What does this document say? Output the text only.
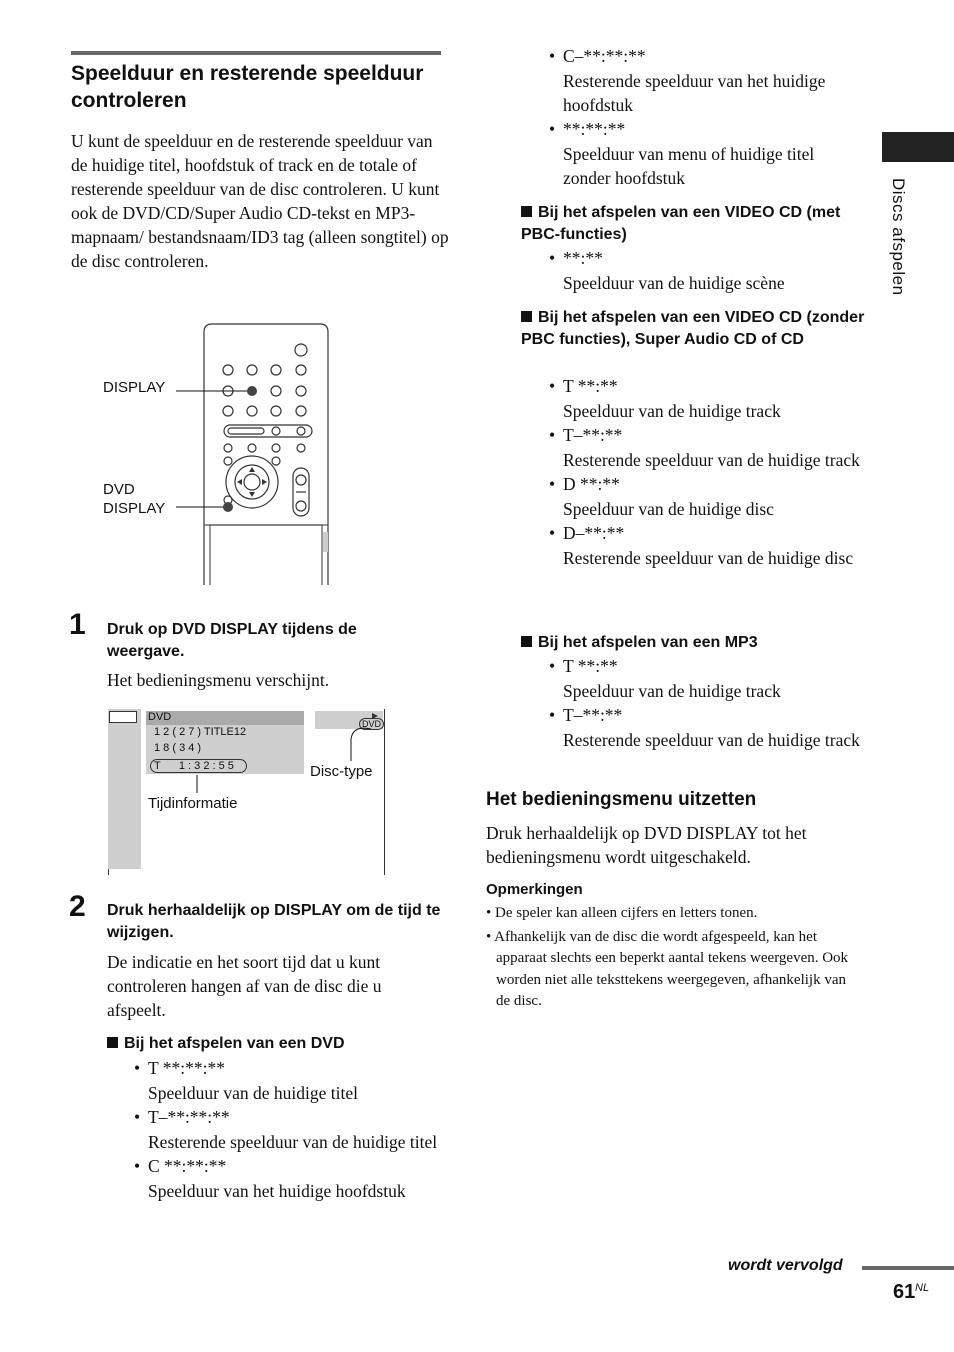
Speelduur en resterende speelduur controleren

U kunt de speelduur en de resterende speelduur van de huidige titel, hoofdstuk of track en de totale of resterende speelduur van de disc controleren. U kunt ook de DVD/CD/Super Audio CD-tekst en MP3-mapnaam/ bestandsnaam/ID3 tag (alleen songtitel) op de disc controleren.

DISPLAY
DVD
DISPLAY
1 Druk op DVD DISPLAY tijdens de weergave.

Het bedieningsmenu verschijnt.

DVD
1 2 ( 2 7 ) TITLE12
1 8 ( 3 4 )
T      1 : 3 2 : 5 5
DVD
Tijdinformatie
Disc-type
2 Druk herhaaldelijk op DISPLAY om de tijd te wijzigen.

De indicatie en het soort tijd dat u kunt controleren hangen af van de disc die u afspeelt.

Bij het afspelen van een DVD

• T **:**:**
Speelduur van de huidige titel
• T–**:**:**
Resterende speelduur van de huidige titel
• C **:**:**
Speelduur van het huidige hoofdstuk
• C–**:**:**
Resterende speelduur van het huidige hoofdstuk
• **:**:**
Speelduur van menu of huidige titel zonder hoofdstuk

Bij het afspelen van een VIDEO CD (met PBC-functies)

• **:**
Speelduur van de huidige scène

Bij het afspelen van een VIDEO CD (zonder PBC functies), Super Audio CD of CD

• T **:**
Speelduur van de huidige track
• T–**:**
Resterende speelduur van de huidige track
• D **:**
Speelduur van de huidige disc
• D–**:**
Resterende speelduur van de huidige disc

Bij het afspelen van een MP3

• T **:**
Speelduur van de huidige track
• T–**:**
Resterende speelduur van de huidige track
Het bedieningsmenu uitzetten

Druk herhaaldelijk op DVD DISPLAY tot het bedieningsmenu wordt uitgeschakeld.

Opmerkingen

• De speler kan alleen cijfers en letters tonen.
• Afhankelijk van de disc die wordt afgespeeld, kan het apparaat slechts een beperkt aantal tekens weergeven. Ook worden niet alle teksttekens weergegeven, afhankelijk van de disc.
Discs afspelen
wordt vervolgd
61 NL
